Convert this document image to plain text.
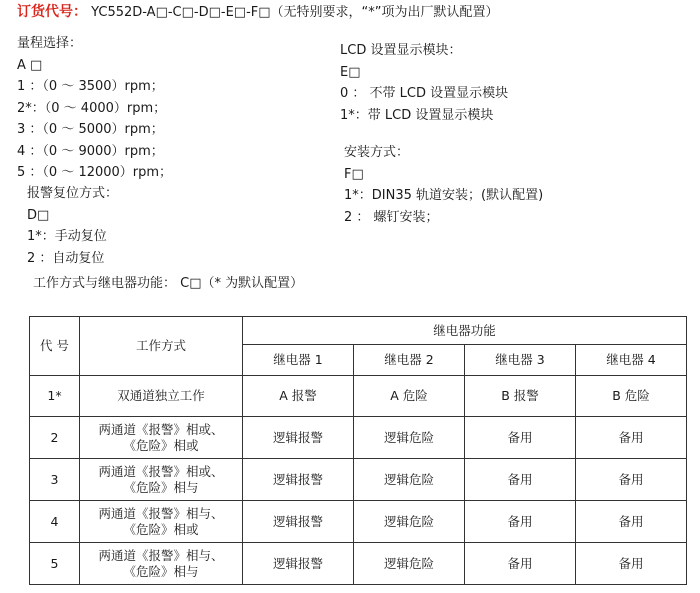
订货代号： YC552D-A□-C□-D□-E□-F□（无特别要求，“*”项为出厂默认配置）
量程选择：
A □
1 ：（0 ～ 3500）rpm；
2*：（0 ～ 4000）rpm；
3 ：（0 ～ 5000）rpm；
4 ：（0 ～ 9000）rpm；
5 ：（0 ～ 12000）rpm；
LCD 设置显示模块：
E□
0 ： 不带 LCD 设置显示模块
1*：带 LCD 设置显示模块
安装方式：
F□
1*：DIN35 轨道安装；(默认配置)
2 ： 螺钉安装；
报警复位方式：
D□
1*：手动复位
2 ：自动复位
工作方式与继电器功能： C□（* 为默认配置）
代 号	工作方式	继电器功能			
		继电器 1	继电器 2	继电器 3	继电器 4
1*	双通道独立工作	A 报警	A 危险	B 报警	B 危险
2	两通道《报警》相或、
《危险》相或	逻辑报警	逻辑危险	备用	备用
3	两通道《报警》相或、
《危险》相与	逻辑报警	逻辑危险	备用	备用
4	两通道《报警》相与、
《危险》相或	逻辑报警	逻辑危险	备用	备用
5	两通道《报警》相与、
《危险》相与	逻辑报警	逻辑危险	备用	备用
